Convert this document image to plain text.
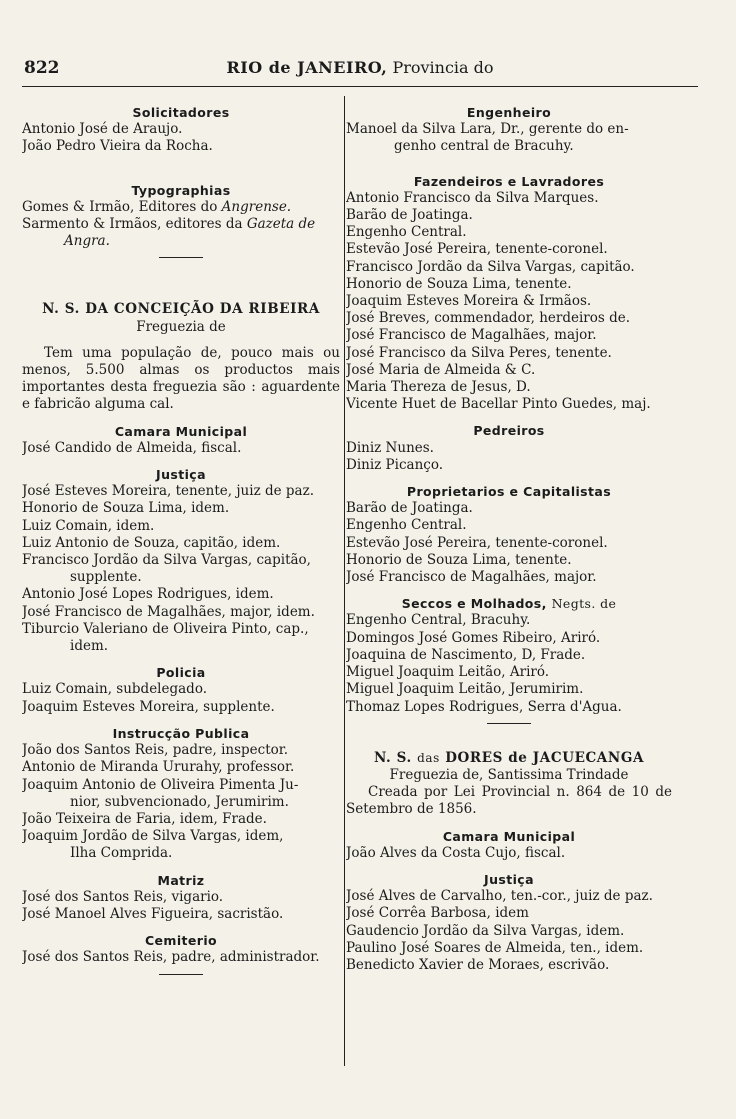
822	RIO de JANEIRO, Provincia do
Solicitadores
Antonio José de Araujo.
João Pedro Vieira da Rocha.
Typographias
Gomes & Irmão, Editores do Angrense.
Sarmento & Irmãos, editores da Gazeta de
Angra.
N. S. DA CONCEIÇÃO DA RIBEIRA
Freguezia de
Tem uma população de, pouco mais ou menos, 5.500 almas os productos mais importantes desta freguezia são : aguardente e fabricão alguma cal.
Camara Municipal
José Candido de Almeida, fiscal.
Justiça
José Esteves Moreira, tenente, juiz de paz.
Honorio de Souza Lima, idem.
Luiz Comain, idem.
Luiz Antonio de Souza, capitão, idem.
Francisco Jordão da Silva Vargas, capitão,
supplente.
Antonio José Lopes Rodrigues, idem.
José Francisco de Magalhães, major, idem.
Tiburcio Valeriano de Oliveira Pinto, cap.,
idem.
Policia
Luiz Comain, subdelegado.
Joaquim Esteves Moreira, supplente.
Instrucção Publica
João dos Santos Reis, padre, inspector.
Antonio de Miranda Ururahy, professor.
Joaquim Antonio de Oliveira Pimenta Ju-
nior, subvencionado, Jerumirim.
João Teixeira de Faria, idem, Frade.
Joaquim Jordão de Silva Vargas, idem,
Ilha Comprida.
Matriz
José dos Santos Reis, vigario.
José Manoel Alves Figueira, sacristão.
Cemiterio
José dos Santos Reis, padre, administrador.
Engenheiro
Manoel da Silva Lara, Dr., gerente do en-
genho central de Bracuhy.
Fazendeiros e Lavradores
Antonio Francisco da Silva Marques.
Barão de Joatinga.
Engenho Central.
Estevão José Pereira, tenente-coronel.
Francisco Jordão da Silva Vargas, capitão.
Honorio de Souza Lima, tenente.
Joaquim Esteves Moreira & Irmãos.
José Breves, commendador, herdeiros de.
José Francisco de Magalhães, major.
José Francisco da Silva Peres, tenente.
José Maria de Almeida & C.
Maria Thereza de Jesus, D.
Vicente Huet de Bacellar Pinto Guedes, maj.
Pedreiros
Diniz Nunes.
Diniz Picanço.
Proprietarios e Capitalistas
Barão de Joatinga.
Engenho Central.
Estevão José Pereira, tenente-coronel.
Honorio de Souza Lima, tenente.
José Francisco de Magalhães, major.
Seccos e Molhados, Negts. de
Engenho Central, Bracuhy.
Domingos José Gomes Ribeiro, Ariró.
Joaquina de Nascimento, D, Frade.
Miguel Joaquim Leitão, Ariró.
Miguel Joaquim Leitão, Jerumirim.
Thomaz Lopes Rodrigues, Serra d'Agua.
N. S. das DORES de JACUECANGA
Freguezia de, Santissima Trindade
Creada por Lei Provincial n. 864 de 10 de Setembro de 1856.
Camara Municipal
João Alves da Costa Cujo, fiscal.
Justiça
José Alves de Carvalho, ten.-cor., juiz de paz.
José Corrêa Barbosa, idem
Gaudencio Jordão da Silva Vargas, idem.
Paulino José Soares de Almeida, ten., idem.
Benedicto Xavier de Moraes, escrivão.
